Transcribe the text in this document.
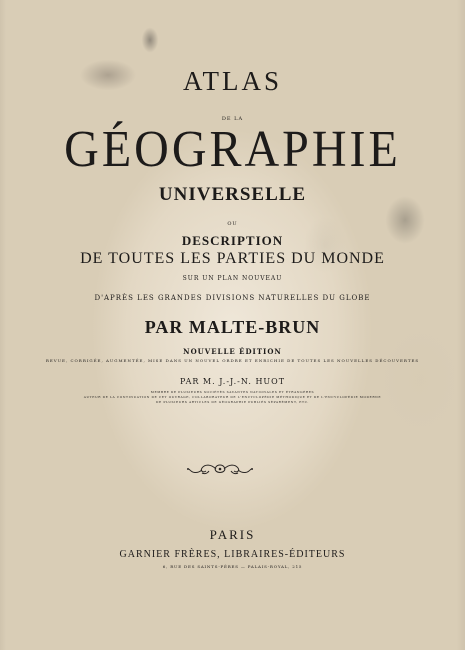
ATLAS
DE LA
GÉOGRAPHIE
UNIVERSELLE
OU
DESCRIPTION
DE TOUTES LES PARTIES DU MONDE
SUR UN PLAN NOUVEAU
D'APRÈS LES GRANDES DIVISIONS NATURELLES DU GLOBE
PAR MALTE-BRUN
NOUVELLE ÉDITION
REVUE, CORRIGÉE, AUGMENTÉE, MISE DANS UN NOUVEL ORDRE ET ENRICHIE DE TOUTES LES NOUVELLES DÉCOUVERTES
PAR M. J.-J.-N. HUOT
MEMBRE DE PLUSIEURS SOCIÉTÉS SAVANTES NATIONALES ET ÉTRANGÈRES
AUTEUR DE LA CONTINUATION DE CET OUVRAGE, COLLABORATEUR DE L'ENCYCLOPÉDIE MÉTHODIQUE ET DE L'ENCYCLOPÉDIE MODERNE
DE PLUSIEURS ARTICLES DE GÉOGRAPHIE PUBLIÉS SÉPARÉMENT, ETC.
PARIS
GARNIER FRÈRES, LIBRAIRES-ÉDITEURS
6, RUE DES SAINTS-PÈRES — PALAIS-ROYAL, 215
